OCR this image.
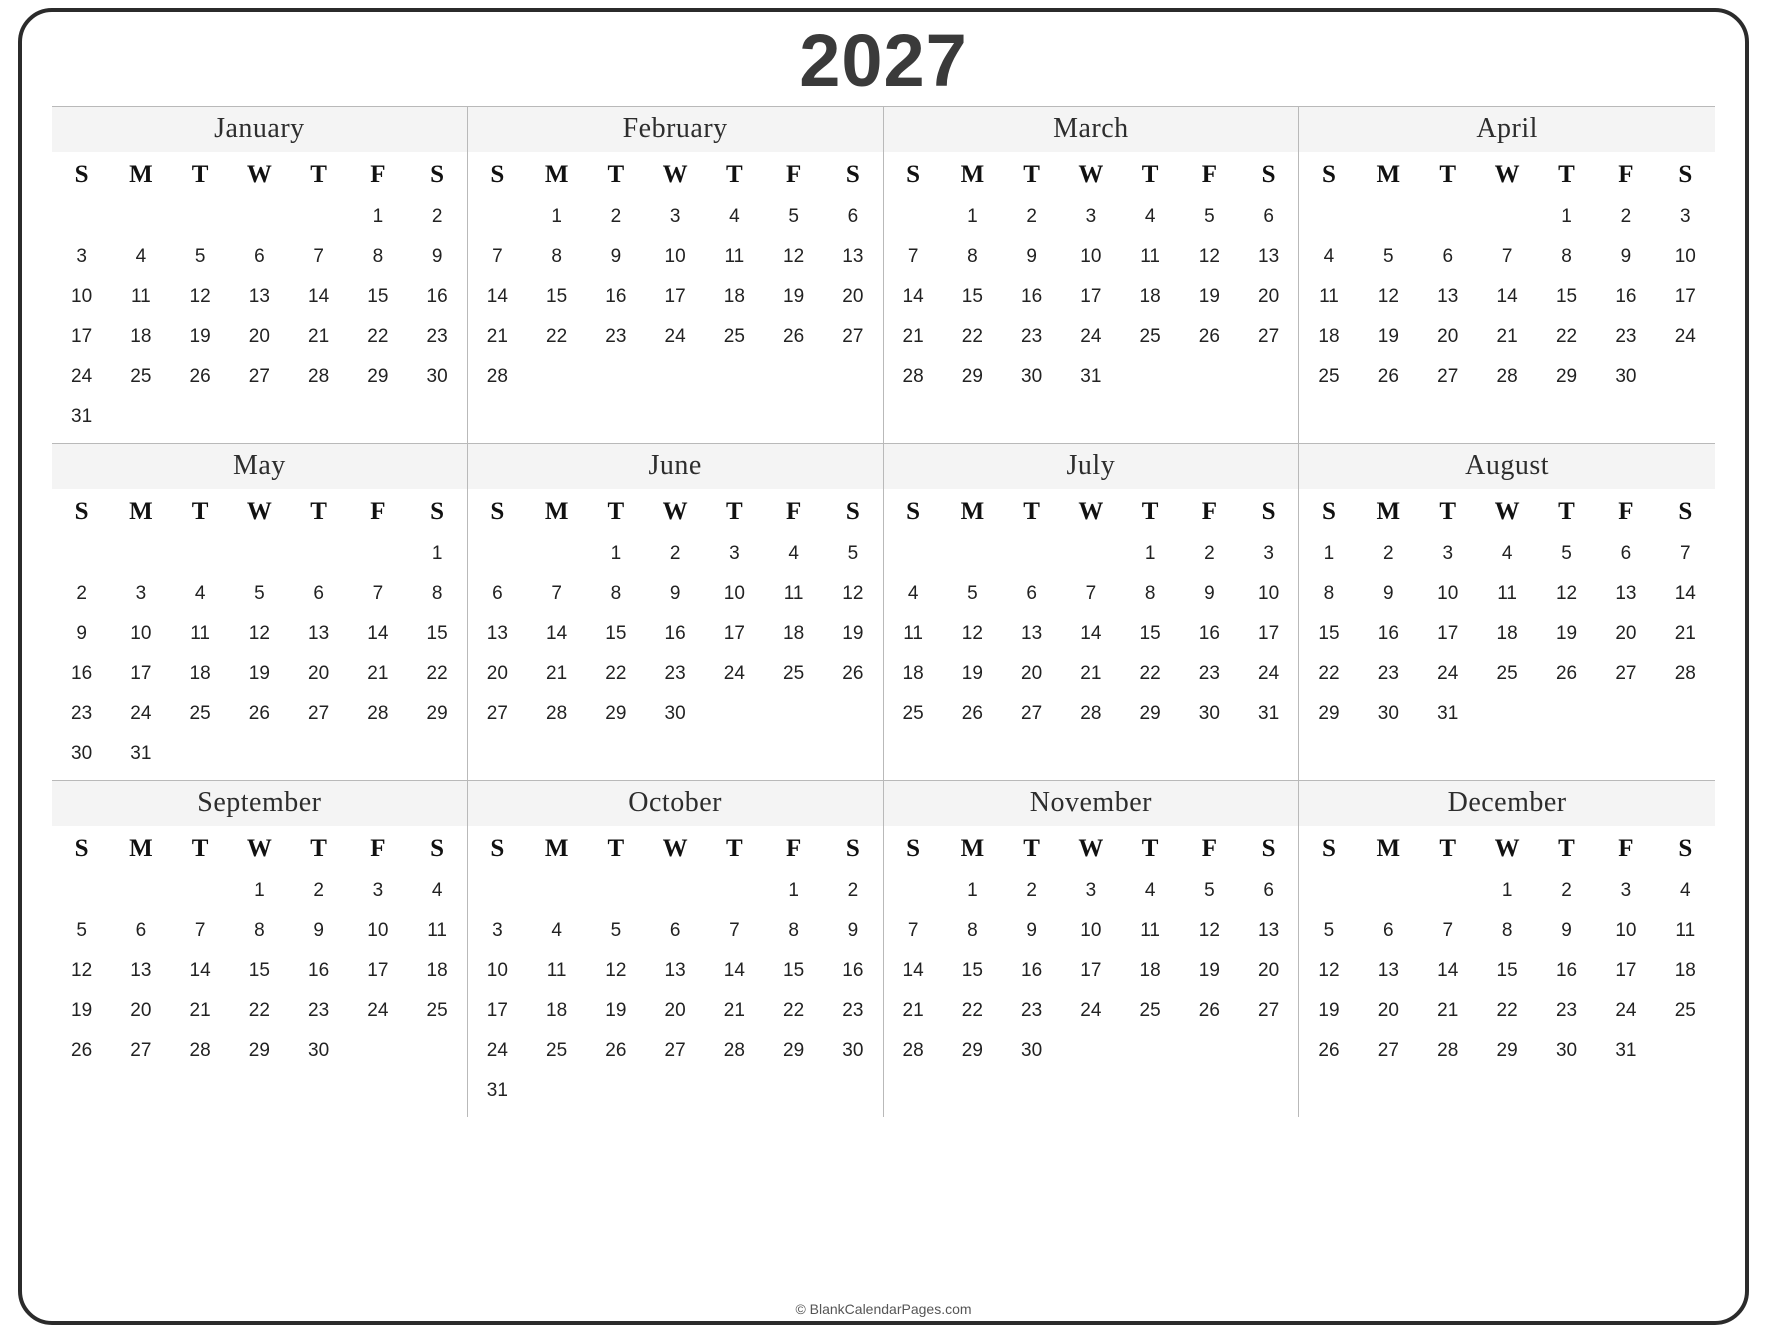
2027
January
S	M	T	W	T	F	S
					1	2
3	4	5	6	7	8	9
10	11	12	13	14	15	16
17	18	19	20	21	22	23
24	25	26	27	28	29	30
31						
February
S	M	T	W	T	F	S
	1	2	3	4	5	6
7	8	9	10	11	12	13
14	15	16	17	18	19	20
21	22	23	24	25	26	27
28						
March
S	M	T	W	T	F	S
	1	2	3	4	5	6
7	8	9	10	11	12	13
14	15	16	17	18	19	20
21	22	23	24	25	26	27
28	29	30	31			
April
S	M	T	W	T	F	S
				1	2	3
4	5	6	7	8	9	10
11	12	13	14	15	16	17
18	19	20	21	22	23	24
25	26	27	28	29	30	
May
S	M	T	W	T	F	S
						1
2	3	4	5	6	7	8
9	10	11	12	13	14	15
16	17	18	19	20	21	22
23	24	25	26	27	28	29
30	31					
June
S	M	T	W	T	F	S
		1	2	3	4	5
6	7	8	9	10	11	12
13	14	15	16	17	18	19
20	21	22	23	24	25	26
27	28	29	30			
July
S	M	T	W	T	F	S
				1	2	3
4	5	6	7	8	9	10
11	12	13	14	15	16	17
18	19	20	21	22	23	24
25	26	27	28	29	30	31
August
S	M	T	W	T	F	S
1	2	3	4	5	6	7
8	9	10	11	12	13	14
15	16	17	18	19	20	21
22	23	24	25	26	27	28
29	30	31				
September
S	M	T	W	T	F	S
			1	2	3	4
5	6	7	8	9	10	11
12	13	14	15	16	17	18
19	20	21	22	23	24	25
26	27	28	29	30		
October
S	M	T	W	T	F	S
					1	2
3	4	5	6	7	8	9
10	11	12	13	14	15	16
17	18	19	20	21	22	23
24	25	26	27	28	29	30
31						
November
S	M	T	W	T	F	S
	1	2	3	4	5	6
7	8	9	10	11	12	13
14	15	16	17	18	19	20
21	22	23	24	25	26	27
28	29	30				
December
S	M	T	W	T	F	S
			1	2	3	4
5	6	7	8	9	10	11
12	13	14	15	16	17	18
19	20	21	22	23	24	25
26	27	28	29	30	31	
© BlankCalendarPages.com
